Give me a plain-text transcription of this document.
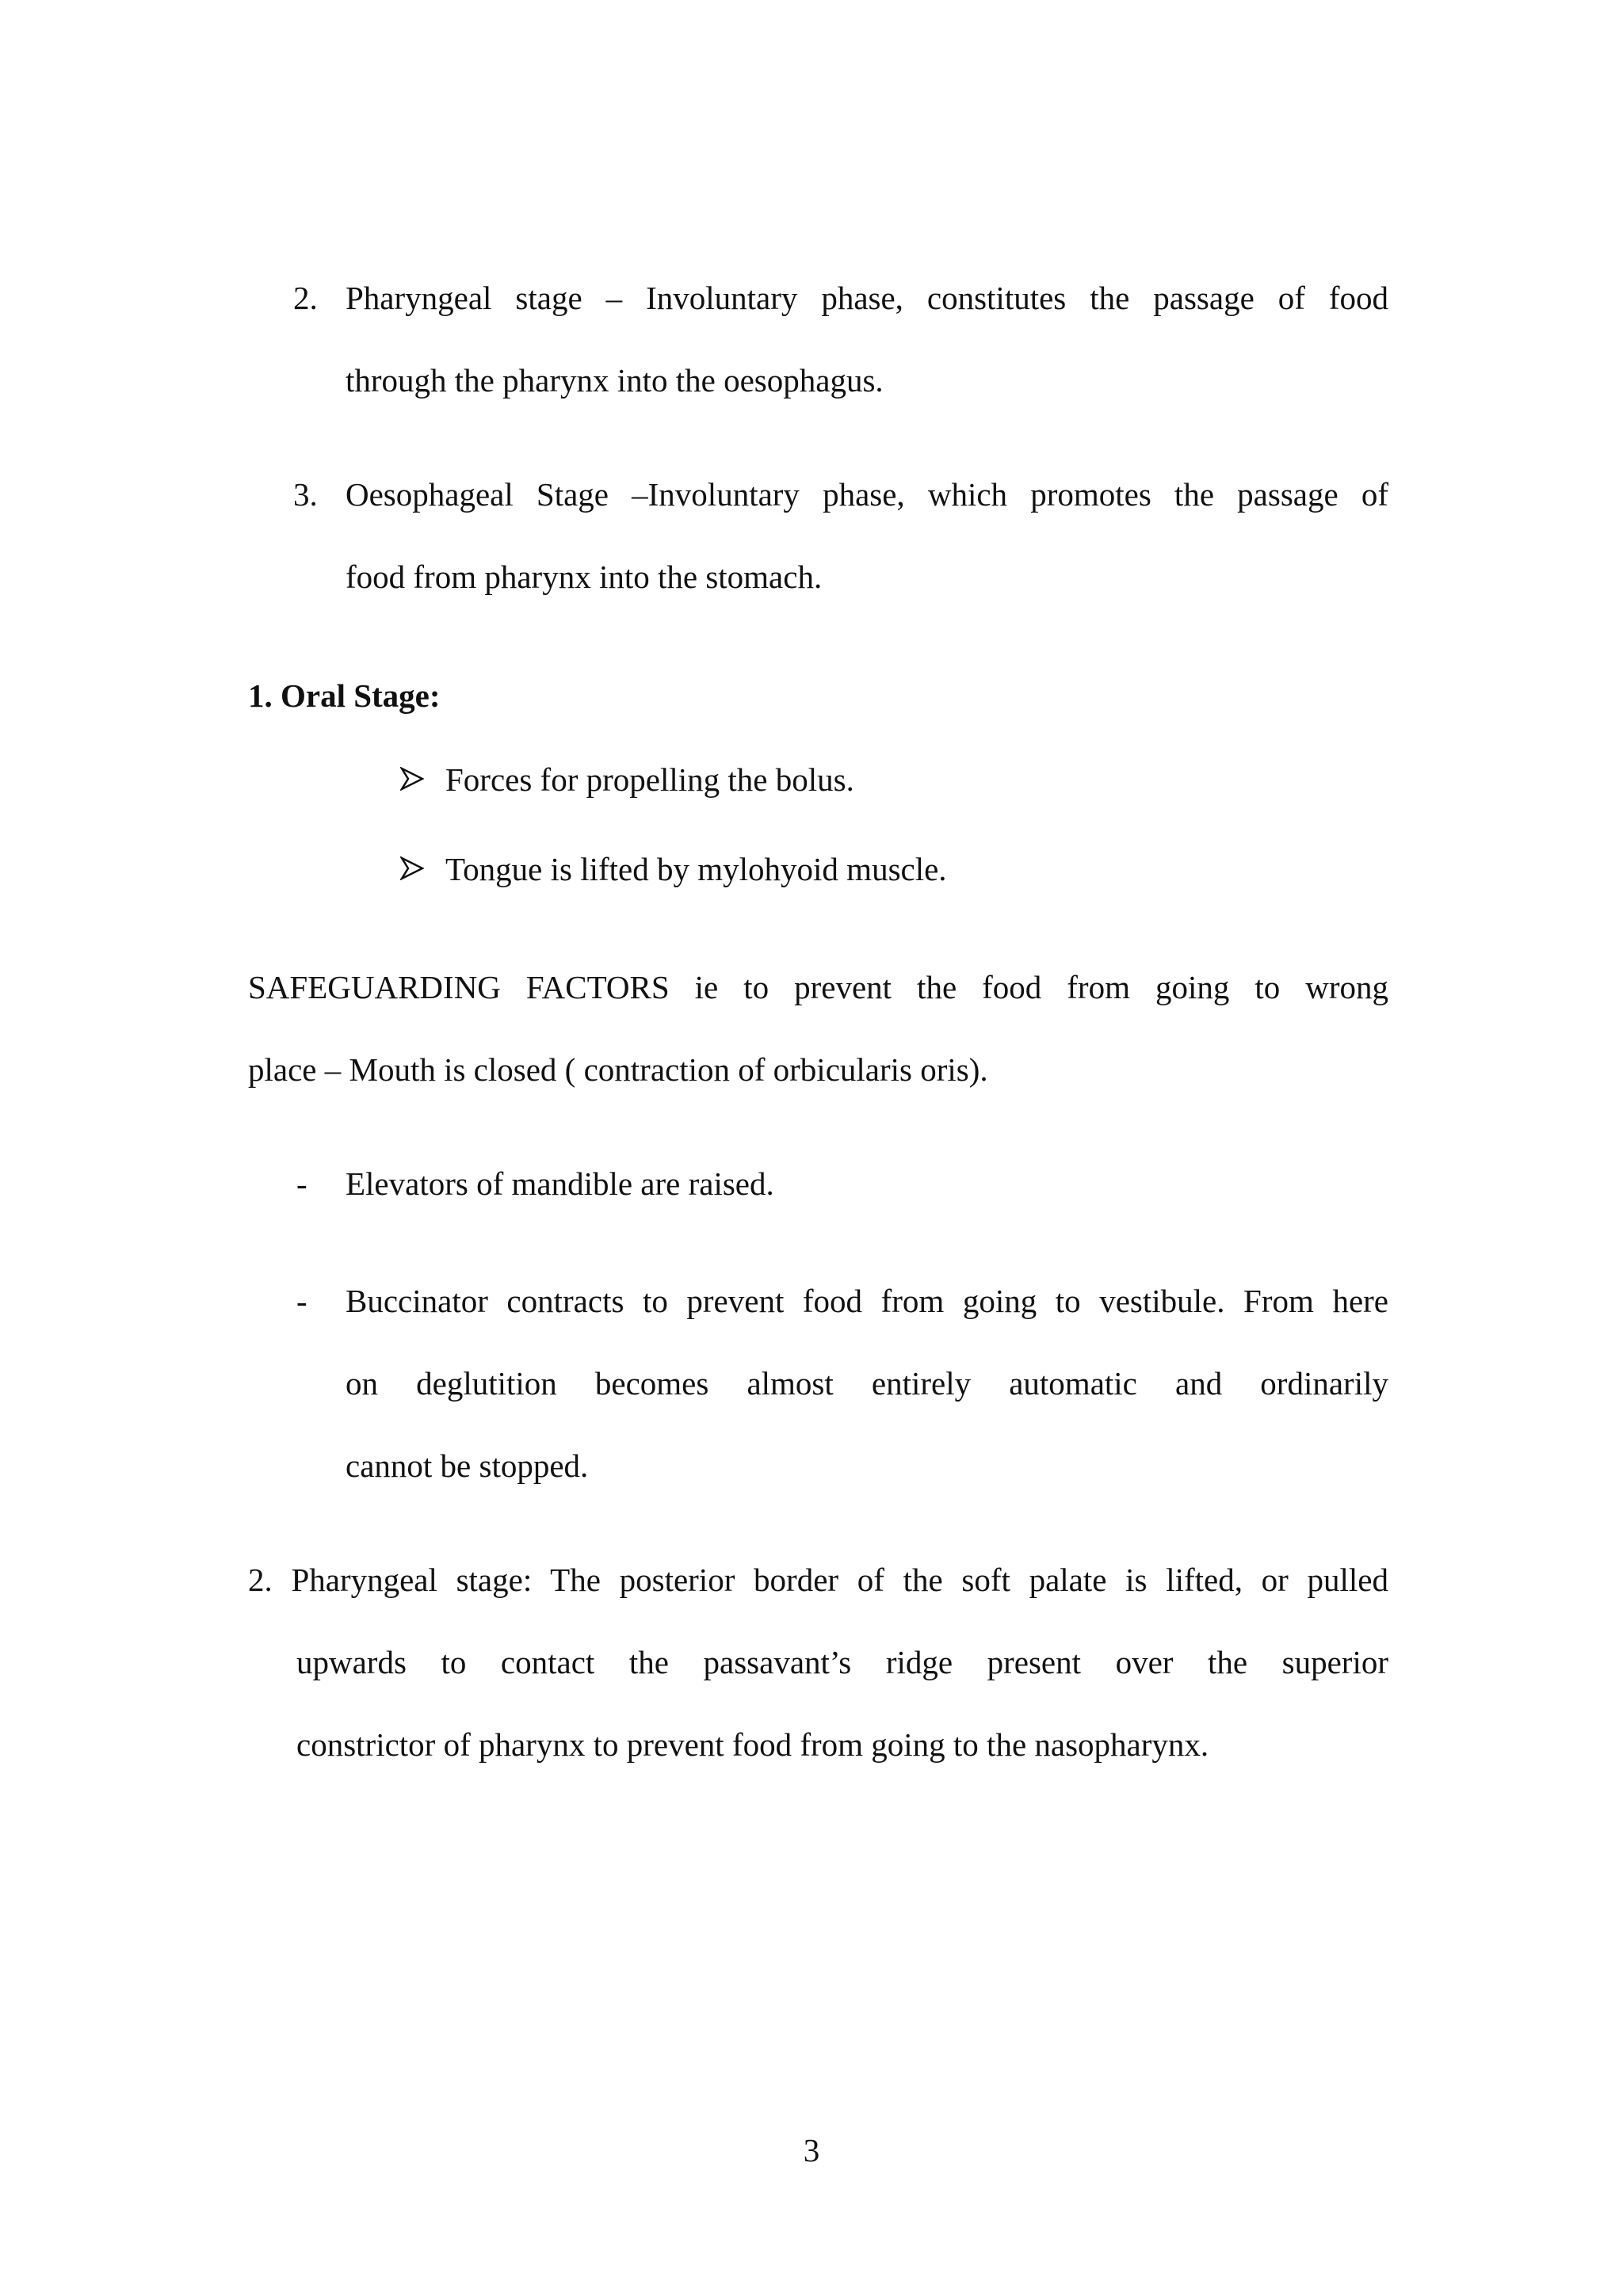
2. Pharyngeal stage – Involuntary phase, constitutes the passage of food

through the pharynx into the oesophagus.

3. Oesophageal Stage –Involuntary phase, which promotes the passage of

food from pharynx into the stomach.

1. Oral Stage:

Forces for propelling the bolus.

Tongue is lifted by mylohyoid muscle.

SAFEGUARDING FACTORS ie to prevent the food from going to wrong

place – Mouth is closed ( contraction of orbicularis oris).

- Elevators of mandible are raised.

- Buccinator contracts to prevent food from going to vestibule. From here

on deglutition becomes almost entirely automatic and ordinarily

cannot be stopped.

2. Pharyngeal stage: The posterior border of the soft palate is lifted, or pulled

upwards to contact the passavant’s ridge present over the superior

constrictor of pharynx to prevent food from going to the nasopharynx.

3
